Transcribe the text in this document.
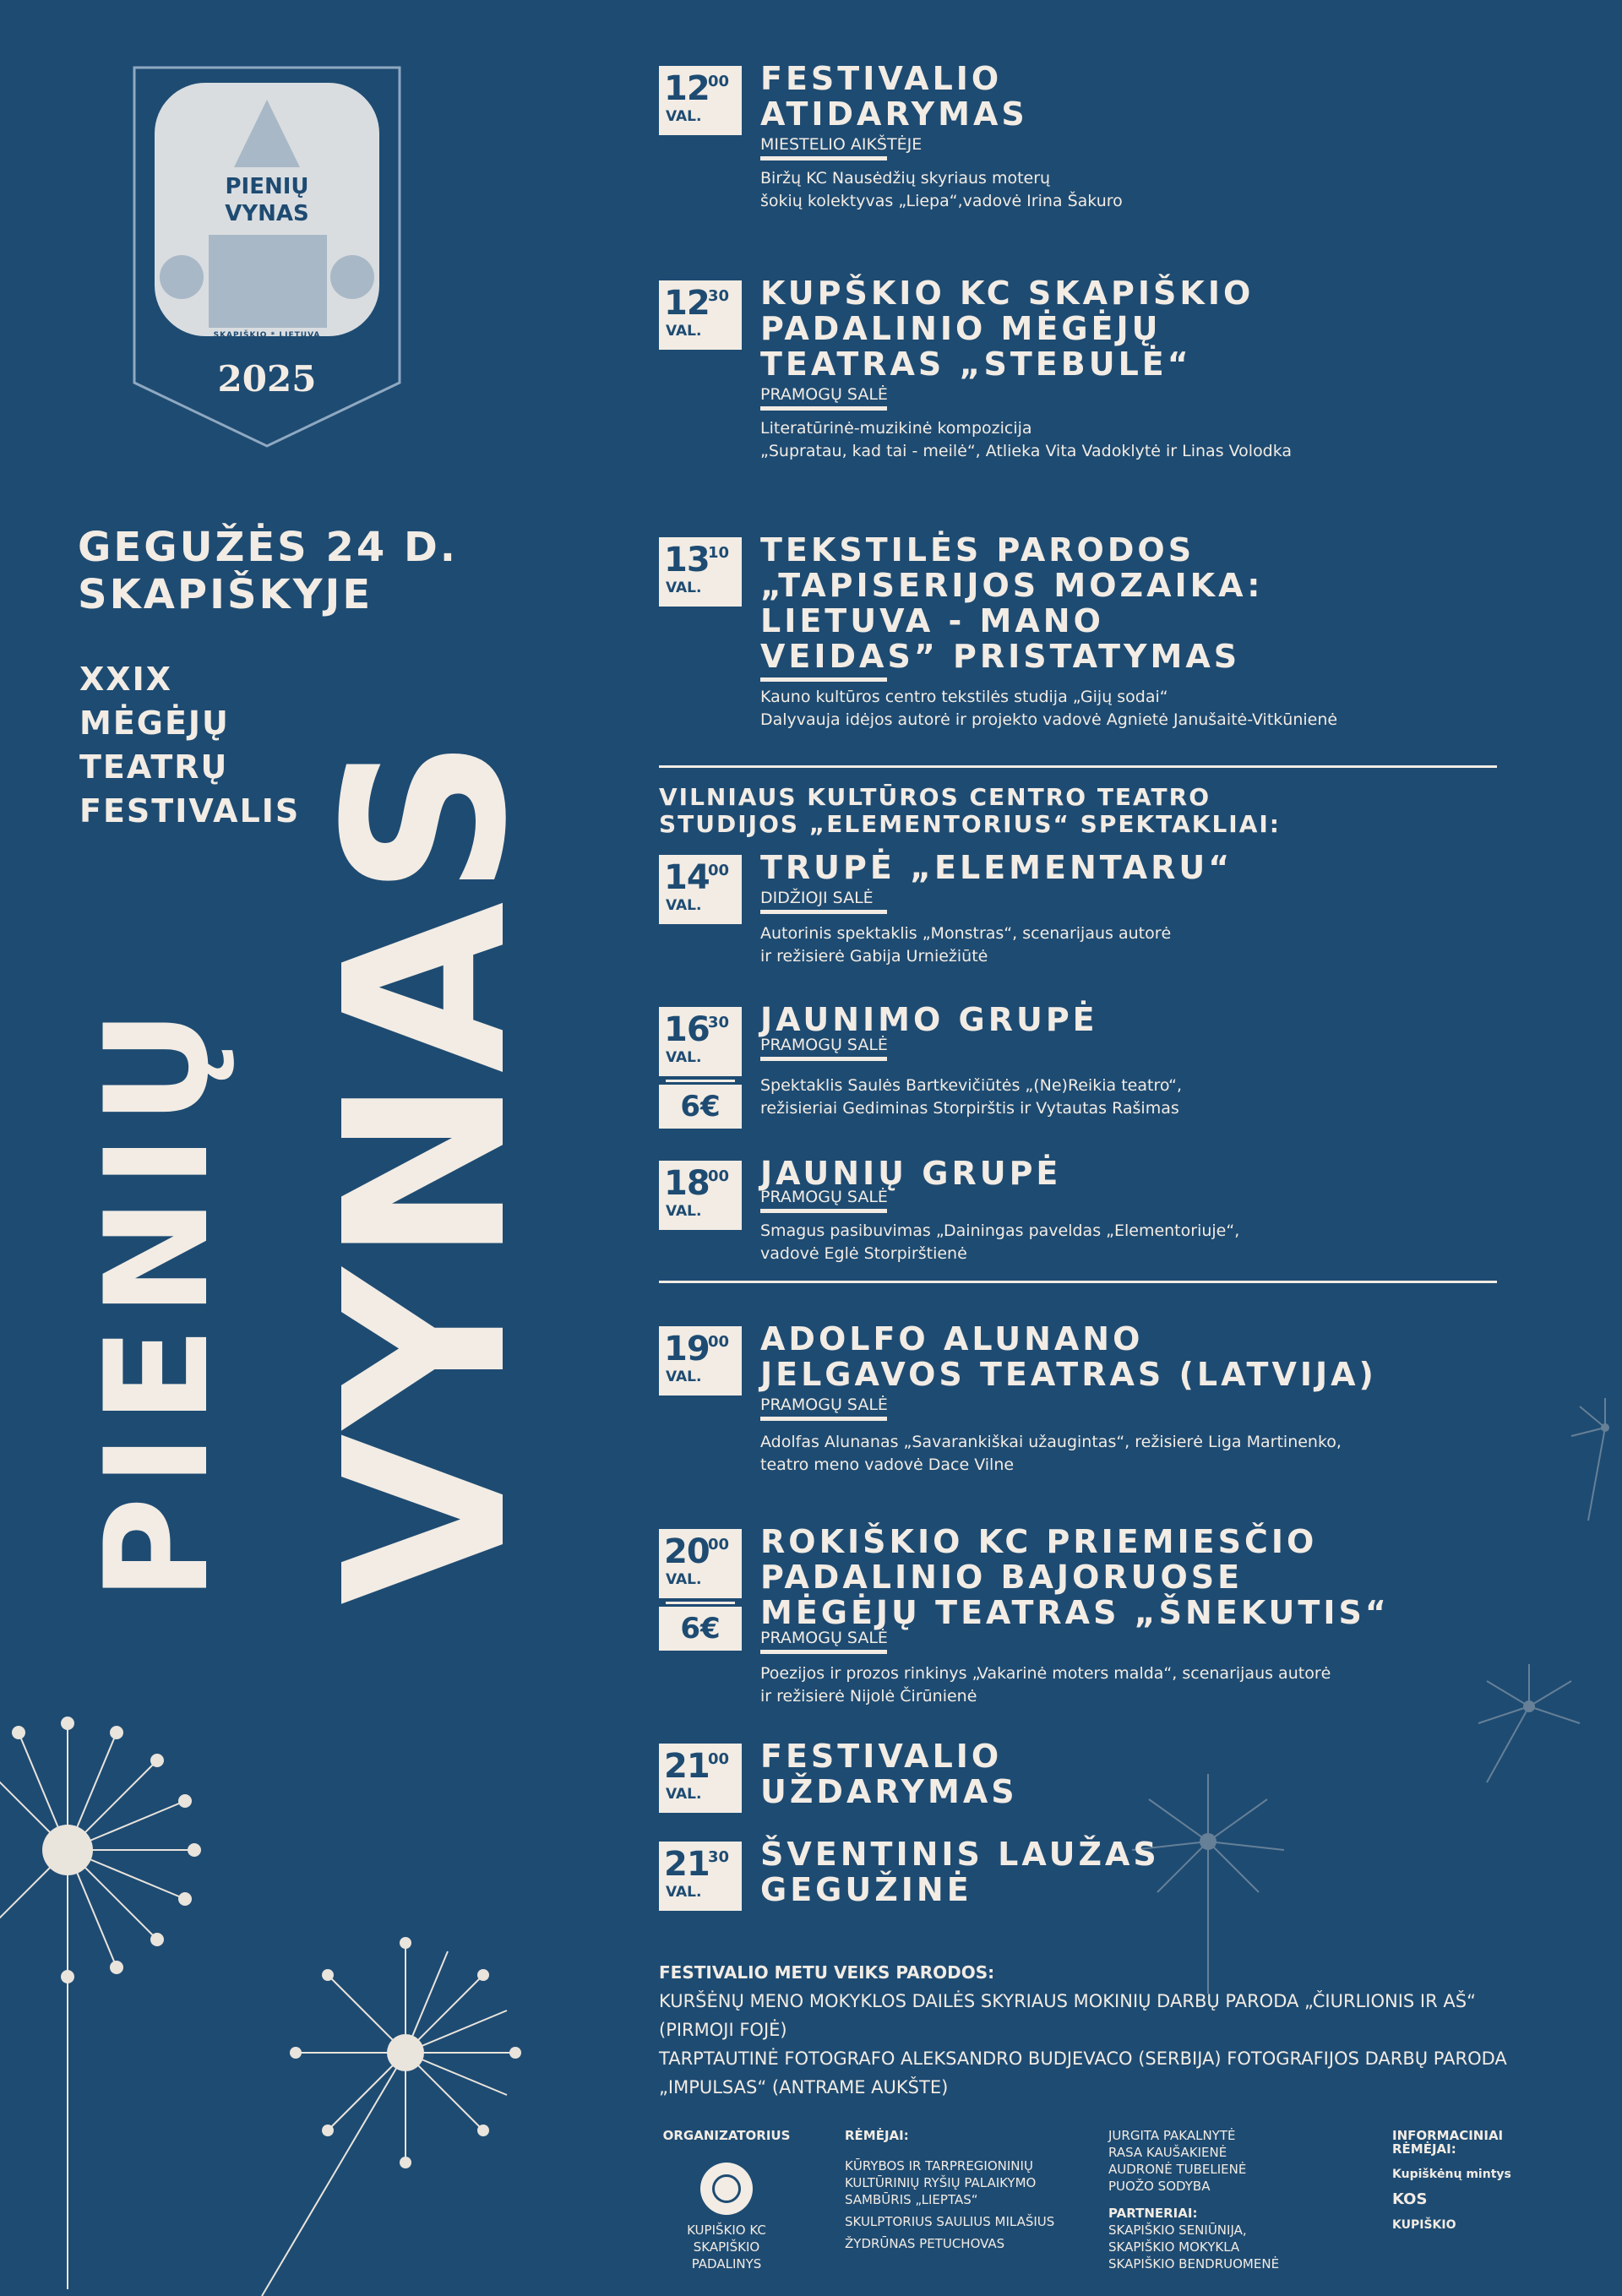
PIENIŲ
VYNAS
SKAPIŠKIO * LIETUVA
2025
GEGUŽĖS 24 D.
SKAPIŠKYJE
XXIX
MĖGĖJŲ
TEATRŲ
FESTIVALIS
PIENIŲ VYNAS
12
00
VAL.
FESTIVALIO
ATIDARYMAS
MIESTELIO AIKŠTĖJE
Biržų KC Nausėdžių skyriaus moterų
šokių kolektyvas „Liepa“,vadovė Irina Šakuro
12
30
VAL.
KUPŠKIO KC SKAPIŠKIO
PADALINIO MĖGĖJŲ
TEATRAS „STEBULĖ“
PRAMOGŲ SALĖ
Literatūrinė-muzikinė kompozicija
„Supratau, kad tai - meilė“, Atlieka Vita Vadoklytė ir Linas Volodka
13
10
VAL.
TEKSTILĖS PARODOS
„TAPISERIJOS MOZAIKA:
LIETUVA - MANO
VEIDAS” PRISTATYMAS
Kauno kultūros centro tekstilės studija „Gijų sodai“
Dalyvauja idėjos autorė ir projekto vadovė Agnietė Janušaitė-Vitkūnienė
VILNIAUS KULTŪROS CENTRO TEATRO
STUDIJOS „ELEMENTORIUS“ SPEKTAKLIAI:
14
00
VAL.
TRUPĖ „ELEMENTARU“
DIDŽIOJI SALĖ
Autorinis spektaklis „Monstras“, scenarijaus autorė
ir režisierė Gabija Urniežiūtė
16
30
VAL.
6€
JAUNIMO GRUPĖ
PRAMOGŲ SALĖ
Spektaklis Saulės Bartkevičiūtės „(Ne)Reikia teatro“,
režisieriai Gediminas Storpirštis ir Vytautas Rašimas
18
00
VAL.
JAUNIŲ GRUPĖ
PRAMOGŲ SALĖ
Smagus pasibuvimas „Dainingas paveldas „Elementoriuje“,
vadovė Eglė Storpirštienė
19
00
VAL.
ADOLFO ALUNANO
JELGAVOS TEATRAS (LATVIJA)
PRAMOGŲ SALĖ
Adolfas Alunanas „Savarankiškai užaugintas“, režisierė Liga Martinenko,
teatro meno vadovė Dace Vilne
20
00
VAL.
6€
ROKIŠKIO KC PRIEMIESČIO
PADALINIO BAJORUOSE
MĖGĖJŲ TEATRAS „ŠNEKUTIS“
PRAMOGŲ SALĖ
Poezijos ir prozos rinkinys „Vakarinė moters malda“, scenarijaus autorė
ir režisierė Nijolė Čirūnienė
21
00
VAL.
FESTIVALIO
UŽDARYMAS
21
30
VAL.
ŠVENTINIS LAUŽAS
GEGUŽINĖ
FESTIVALIO METU VEIKS PARODOS:
KURŠĖNŲ MENO MOKYKLOS DAILĖS SKYRIAUS MOKINIŲ DARBŲ PARODA „ČIURLIONIS IR AŠ“
(PIRMOJI FOJĖ)
TARPTAUTINĖ FOTOGRAFO ALEKSANDRO BUDJEVACO (SERBIJA) FOTOGRAFIJOS DARBŲ PARODA
„IMPULSAS“ (ANTRAME AUKŠTE)
ORGANIZATORIUS
KUPIŠKIO KC
SKAPIŠKIO
PADALINYS
RĖMĖJAI:
KŪRYBOS IR TARPREGIONINIŲ
KULTŪRINIŲ RYŠIŲ PALAIKYMO
SAMBŪRIS „LIEPTAS“
SKULPTORIUS SAULIUS MILAŠIUS
ŽYDRŪNAS PETUCHOVAS
JURGITA PAKALNYTĖ
RASA KAUŠAKIENĖ
AUDRONĖ TUBELIENĖ
PUOŽO SODYBA
PARTNERIAI:
SKAPIŠKIO SENIŪNIJA,
SKAPIŠKIO MOKYKLA
SKAPIŠKIO BENDRUOMENĖ
INFORMACINIAI
RĖMĖJAI:
Kupiškėnų mintys
KOS
KUPIŠKIO
